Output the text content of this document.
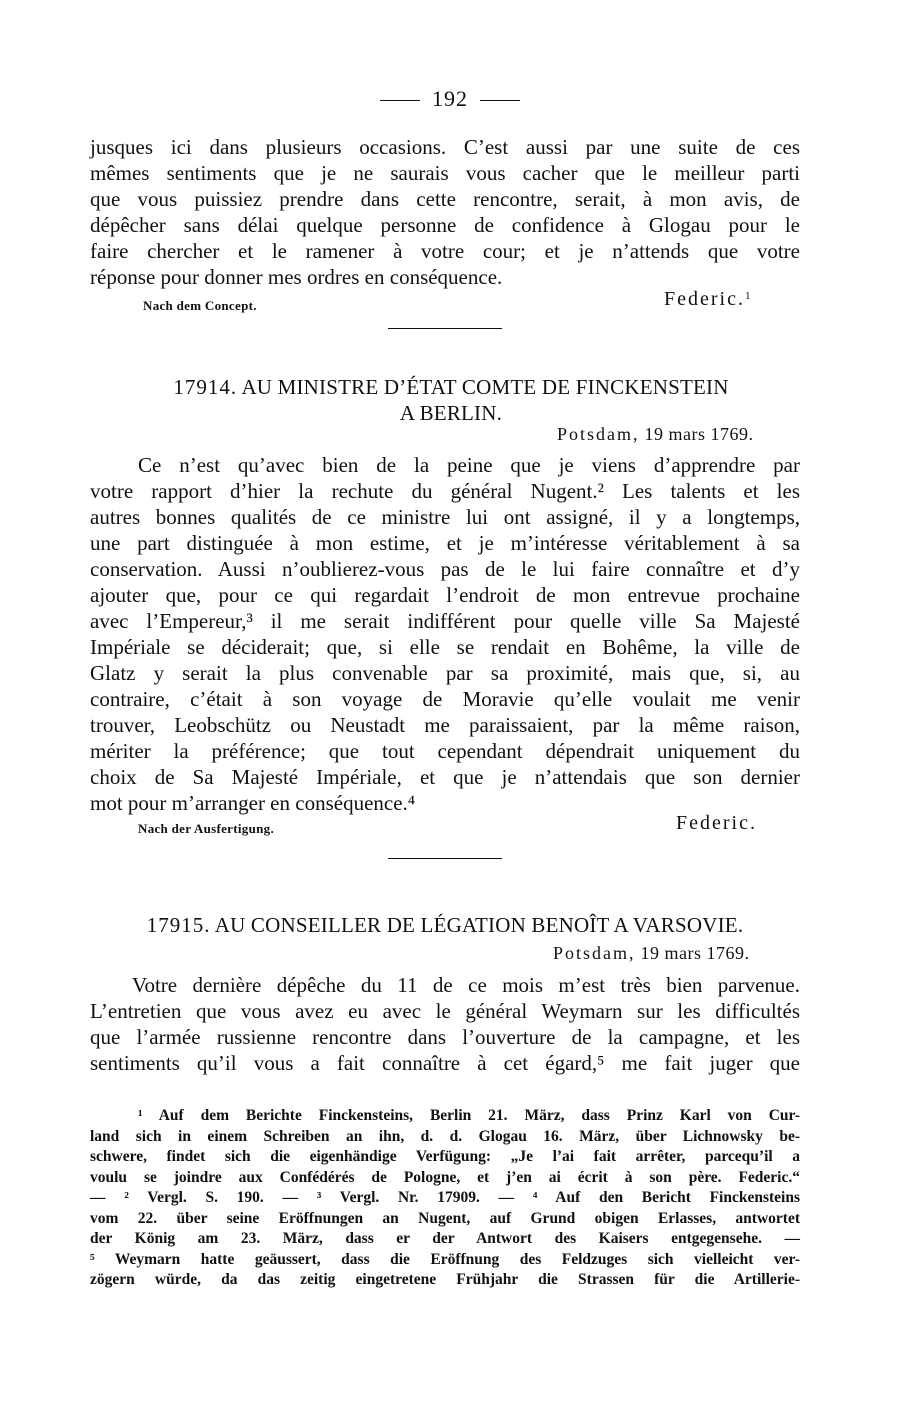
192
jusques ici dans plusieurs occasions. C’est aussi par une suite de ces
mêmes sentiments que je ne saurais vous cacher que le meilleur parti
que vous puissiez prendre dans cette rencontre, serait, à mon avis, de
dépêcher sans délai quelque personne de confidence à Glogau pour le
faire chercher et le ramener à votre cour; et je n’attends que votre
réponse pour donner mes ordres en conséquence.
Nach dem Concept.	Federic.$^1$
17914. AU MINISTRE D’ÉTAT COMTE DE FINCKENSTEIN
A BERLIN.
Potsdam, 19 mars 1769.
Ce n’est qu’avec bien de la peine que je viens d’apprendre par
votre rapport d’hier la rechute du général Nugent.² Les talents et les
autres bonnes qualités de ce ministre lui ont assigné, il y a longtemps,
une part distinguée à mon estime, et je m’intéresse véritablement à sa
conservation. Aussi n’oublierez-vous pas de le lui faire connaître et d’y
ajouter que, pour ce qui regardait l’endroit de mon entrevue prochaine
avec l’Empereur,³ il me serait indifférent pour quelle ville Sa Majesté
Impériale se déciderait; que, si elle se rendait en Bohême, la ville de
Glatz y serait la plus convenable par sa proximité, mais que, si, au
contraire, c’était à son voyage de Moravie qu’elle voulait me venir
trouver, Leobschütz ou Neustadt me paraissaient, par la même raison,
mériter la préférence; que tout cependant dépendrait uniquement du
choix de Sa Majesté Impériale, et que je n’attendais que son dernier
mot pour m’arranger en conséquence.⁴
Nach der Ausfertigung.	Federic.
17915. AU CONSEILLER DE LÉGATION BENOÎT A VARSOVIE.
Potsdam, 19 mars 1769.
Votre dernière dépêche du 11 de ce mois m’est très bien parvenue.
L’entretien que vous avez eu avec le général Weymarn sur les difficultés
que l’armée russienne rencontre dans l’ouverture de la campagne, et les
sentiments qu’il vous a fait connaître à cet égard,⁵ me fait juger que
¹ Auf dem Berichte Finckensteins, Berlin 21. März, dass Prinz Karl von Cur-
land sich in einem Schreiben an ihn, d. d. Glogau 16. März, über Lichnowsky be-
schwere, findet sich die eigenhändige Verfügung: „Je l’ai fait arrêter, parcequ’il a
voulu se joindre aux Confédérés de Pologne, et j’en ai écrit à son père. Federic.“
— ² Vergl. S. 190. — ³ Vergl. Nr. 17909. — ⁴ Auf den Bericht Finckensteins
vom 22. über seine Eröffnungen an Nugent, auf Grund obigen Erlasses, antwortet
der König am 23. März, dass er der Antwort des Kaisers entgegensehe. —
⁵ Weymarn hatte geäussert, dass die Eröffnung des Feldzuges sich vielleicht ver-
zögern würde, da das zeitig eingetretene Frühjahr die Strassen für die Artillerie-
